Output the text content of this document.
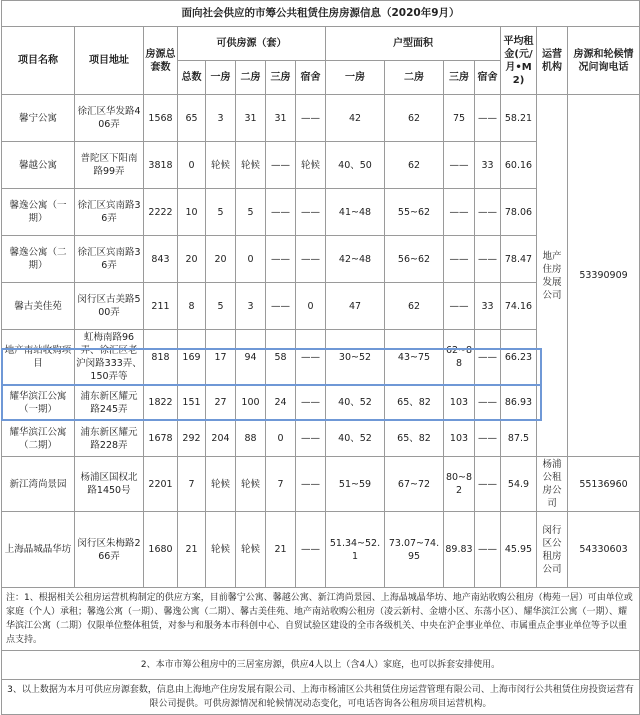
面向社会供应的市筹公共租赁住房房源信息（2020年9月）														
项目名称	项目地址	房源总套数	可供房源（套）					户型面积				平均租金(元/月•M2)	运营机构	房源和轮候情况问询电话
			总数	一房	二房	三房	宿舍	一房	二房	三房	宿舍			
馨宁公寓	徐汇区华发路406弄	1568	65	3	31	31	——	42	62	75	——	58.21	地产住房发展公司	53390909
馨越公寓	普陀区下阳南路99弄	3818	0	轮候	轮候	——	轮候	40、50	62	——	33	60.16		
馨逸公寓（一期）	徐汇区宾南路36弄	2222	10	5	5	——	——	41~48	55~62	——	——	78.06		
馨逸公寓（二期）	徐汇区宾南路36弄	843	20	20	0	——	——	42~48	56~62	——	——	78.47		
馨古美佳苑	闵行区古美路500弄	211	8	5	3	——	0	47	62	——	33	74.16		
地产南站收购项目	虹梅南路96弄、徐汇区老沪闵路333弄、150弄等	818	169	17	94	58	——	30~52	43~75	62~88	——	66.23		
耀华滨江公寓（一期）	浦东新区耀元路245弄	1822	151	27	100	24	——	40、52	65、82	103	——	86.93		
耀华滨江公寓（二期）	浦东新区耀元路228弄	1678	292	204	88	0	——	40、52	65、82	103	——	87.5		
新江湾尚景园	杨浦区国权北路1450号	2201	7	轮候	轮候	7	——	51~59	67~72	80~82	——	54.9	杨浦公租房公司	55136960
上海晶城晶华坊	闵行区朱梅路266弄	1680	21	轮候	轮候	21	——	51.34~52.1	73.07~74.95	89.83	——	45.95	闵行区公租房公司	54330603
注：1、根据相关公租房运营机构制定的供应方案，目前馨宁公寓、馨越公寓、新江湾尚景园、上海晶城晶华坊、地产南站收购公租房（梅苑一居）可由单位或家庭（个人）承租；馨逸公寓（一期）、馨逸公寓（二期）、馨古美佳苑、地产南站收购公租房（凌云新村、金塘小区、东荡小区）、耀华滨江公寓（一期）、耀华滨江公寓（二期）仅限单位整体租赁，对参与和服务本市科创中心、自贸试验区建设的全市各级机关、中央在沪企事业单位、市属重点企事业单位等予以重点支持。														
2、本市市筹公租房中的三居室房源，供应4人以上（含4人）家庭，也可以拆套安排使用。														
3、以上数据为本月可供应房源套数，信息由上海地产住房发展有限公司、上海市杨浦区公共租赁住房运营管理有限公司、上海市闵行公共租赁住房投资运营有限公司提供。可供房源情况和轮候情况动态变化，可电话咨询各公租房项目运营机构。														
